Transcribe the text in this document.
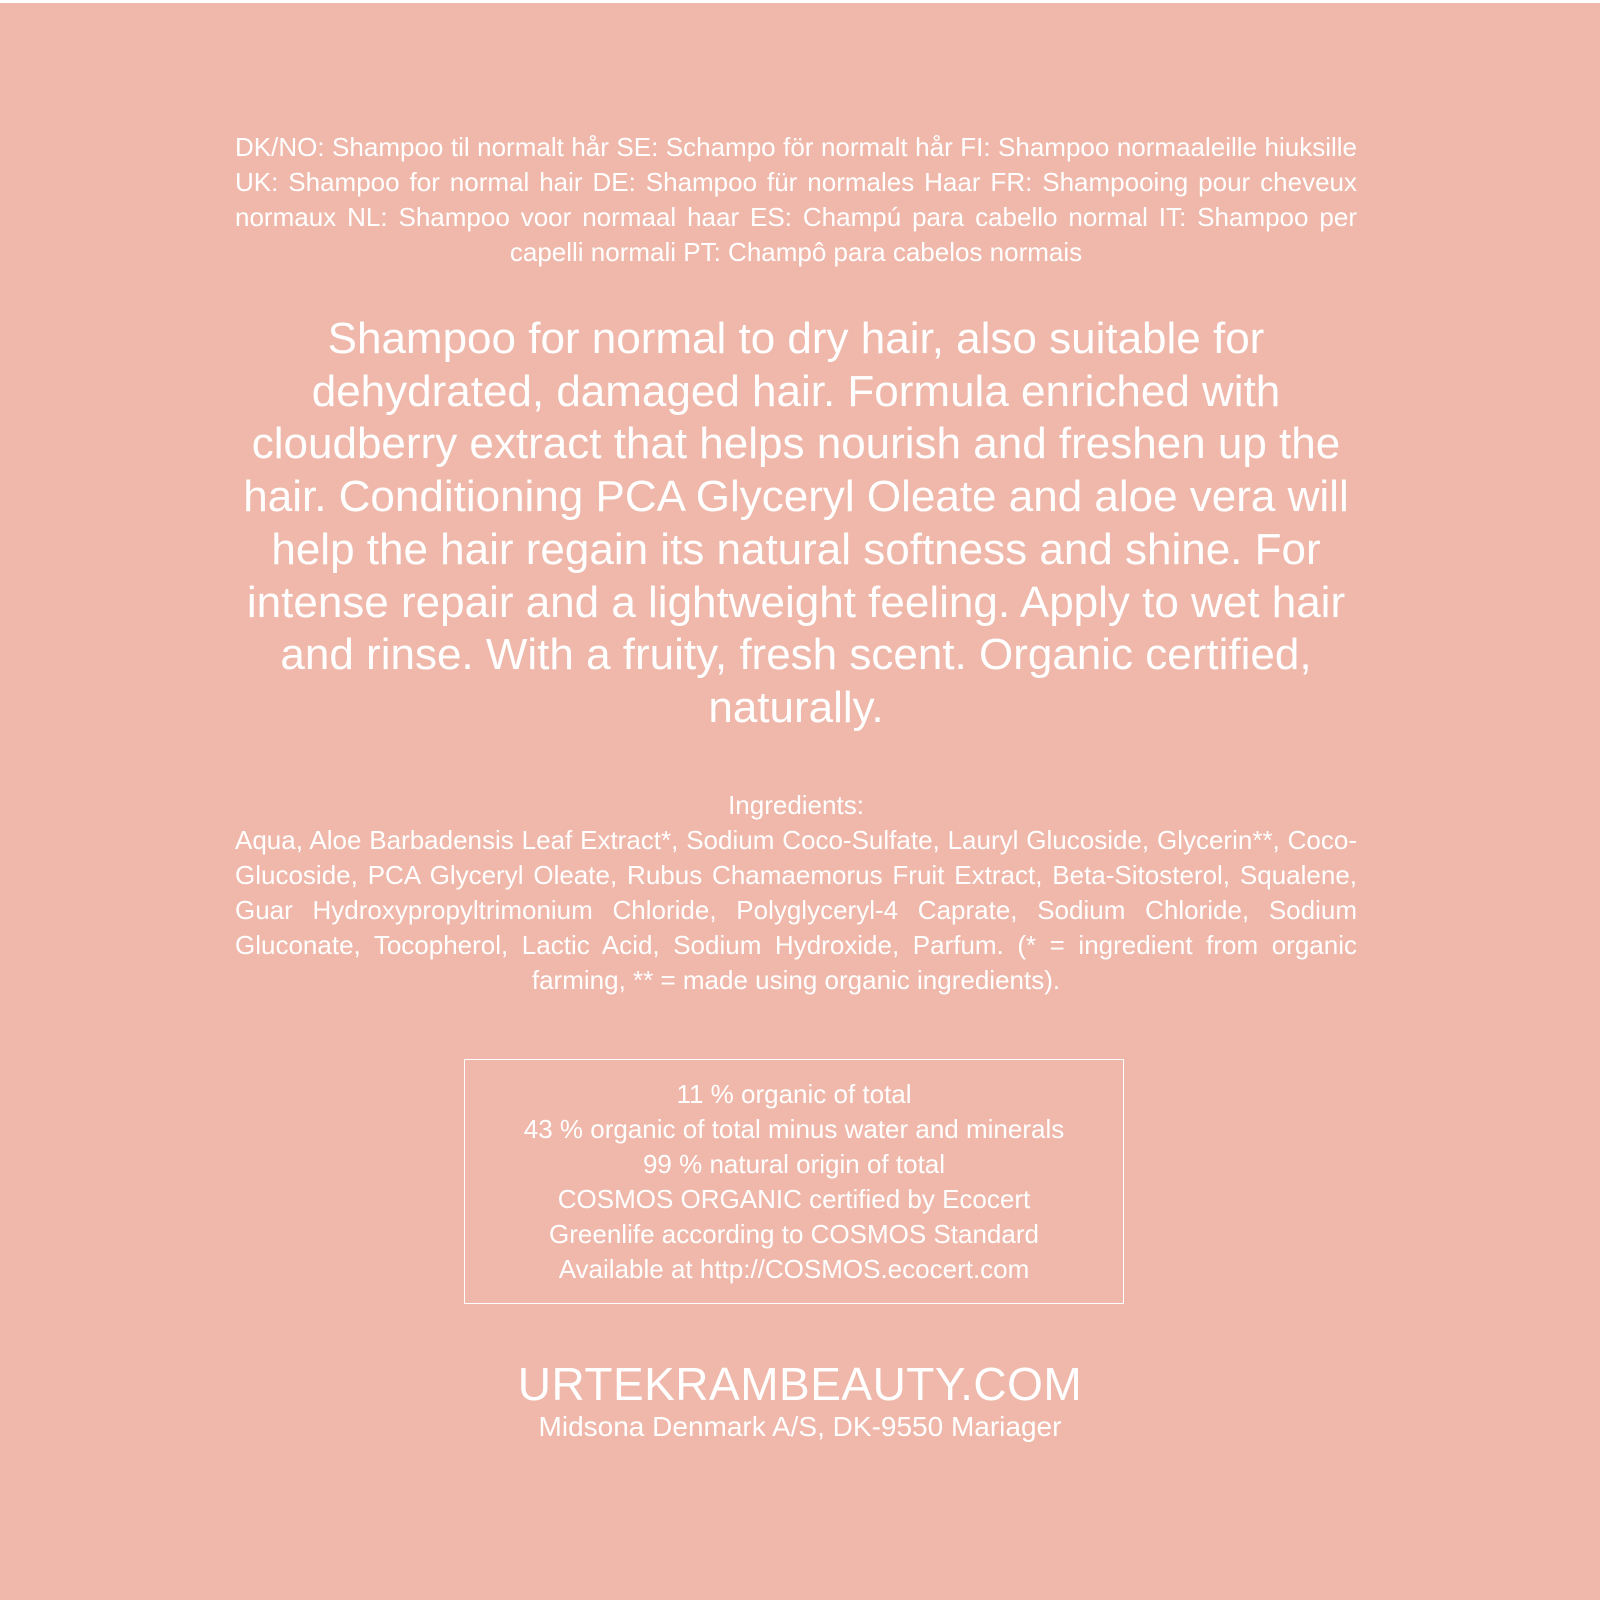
DK/NO: Shampoo til normalt hår SE: Schampo för normalt hår FI: Shampoo normaaleille hiuksille UK: Shampoo for normal hair DE: Shampoo für normales Haar FR: Shampooing pour cheveux normaux NL: Shampoo voor normaal haar ES: Champú para cabello normal IT: Shampoo per capelli normali PT: Champô para cabelos normais
Shampoo for normal to dry hair, also suitable for dehydrated, damaged hair. Formula enriched with cloudberry extract that helps nourish and freshen up the hair. Conditioning PCA Glyceryl Oleate and aloe vera will help the hair regain its natural softness and shine. For intense repair and a lightweight feeling. Apply to wet hair and rinse. With a fruity, fresh scent. Organic certified, naturally.
Ingredients:
Aqua, Aloe Barbadensis Leaf Extract*, Sodium Coco-Sulfate, Lauryl Glucoside, Glycerin**, Coco-Glucoside, PCA Glyceryl Oleate, Rubus Chamaemorus Fruit Extract, Beta-Sitosterol, Squalene, Guar Hydroxypropyltrimonium Chloride, Polyglyceryl-4 Caprate, Sodium Chloride, Sodium Gluconate, Tocopherol, Lactic Acid, Sodium Hydroxide, Parfum. (* = ingredient from organic farming, ** = made using organic ingredients).
11 % organic of total
43 % organic of total minus water and minerals
99 % natural origin of total
COSMOS ORGANIC certified by Ecocert
Greenlife according to COSMOS Standard
Available at http://COSMOS.ecocert.com
URTEKRAMBEAUTY.COM
Midsona Denmark A/S, DK-9550 Mariager
